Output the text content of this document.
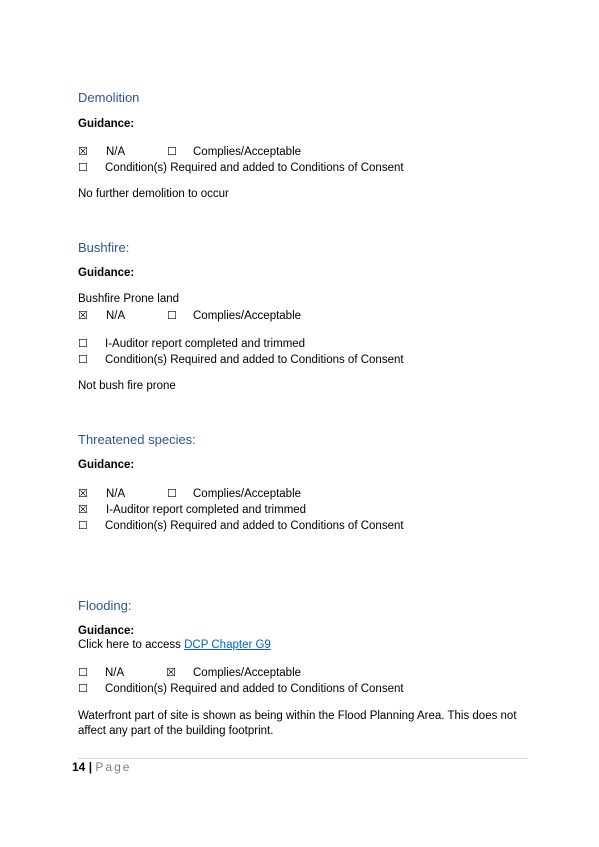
Demolition
Guidance:
☒ N/A	☐ Complies/Acceptable
☐ Condition(s) Required and added to Conditions of Consent
No further demolition to occur
Bushfire:
Guidance:
Bushfire Prone land
☒ N/A	☐ Complies/Acceptable
☐ I-Auditor report completed and trimmed
☐ Condition(s) Required and added to Conditions of Consent
Not bush fire prone
Threatened species:
Guidance:
☒ N/A	☐ Complies/Acceptable
☒ I-Auditor report completed and trimmed
☐ Condition(s) Required and added to Conditions of Consent
Flooding:
Guidance:
Click here to access DCP Chapter G9
☐ N/A	☒ Complies/Acceptable
☐ Condition(s) Required and added to Conditions of Consent
Waterfront part of site is shown as being within the Flood Planning Area. This does not affect any part of the building footprint.
14 | Page
